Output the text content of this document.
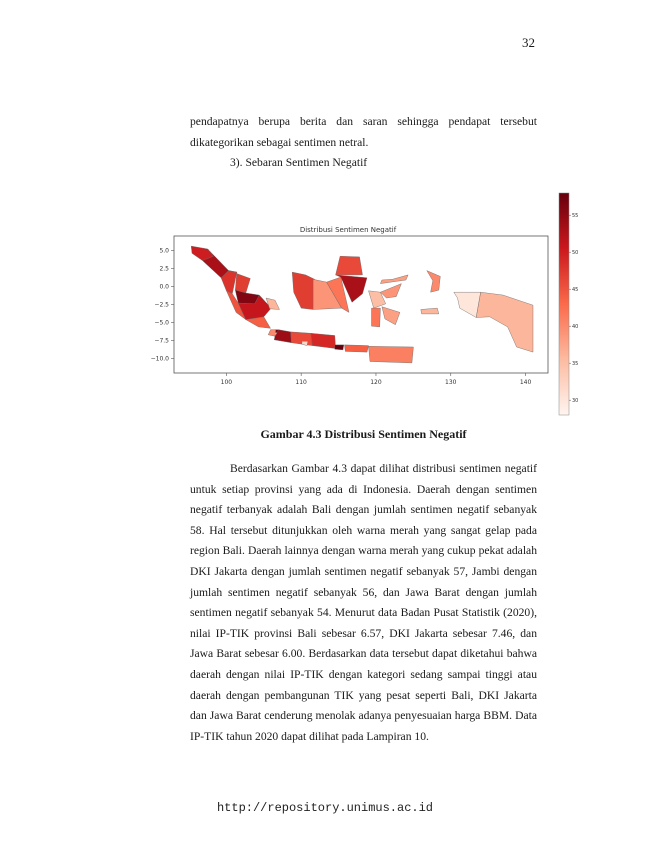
32

pendapatnya berupa berita dan saran sehingga pendapat tersebut dikategorikan sebagai sentimen netral.

3). Sebaran Sentimen Negatif
Distribusi Sentimen Negatif
100	110	120	130	140
5.0
2.5
0.0
−2.5
−5.0
−7.5
−10.0
55
50
45
40
35
30
Gambar 4.3 Distribusi Sentimen Negatif

Berdasarkan Gambar 4.3 dapat dilihat distribusi sentimen negatif untuk setiap provinsi yang ada di Indonesia. Daerah dengan sentimen negatif terbanyak adalah Bali dengan jumlah sentimen negatif sebanyak 58. Hal tersebut ditunjukkan oleh warna merah yang sangat gelap pada region Bali. Daerah lainnya dengan warna merah yang cukup pekat adalah DKI Jakarta dengan jumlah sentimen negatif sebanyak 57, Jambi dengan jumlah sentimen negatif sebanyak 56, dan Jawa Barat dengan jumlah sentimen negatif sebanyak 54. Menurut data Badan Pusat Statistik (2020), nilai IP-TIK provinsi Bali sebesar 6.57, DKI Jakarta sebesar 7.46, dan Jawa Barat sebesar 6.00. Berdasarkan data tersebut dapat diketahui bahwa daerah dengan nilai IP-TIK dengan kategori sedang sampai tinggi atau daerah dengan pembangunan TIK yang pesat seperti Bali, DKI Jakarta dan Jawa Barat cenderung menolak adanya penyesuaian harga BBM. Data IP-TIK tahun 2020 dapat dilihat pada Lampiran 10.

http://repository.unimus.ac.id
